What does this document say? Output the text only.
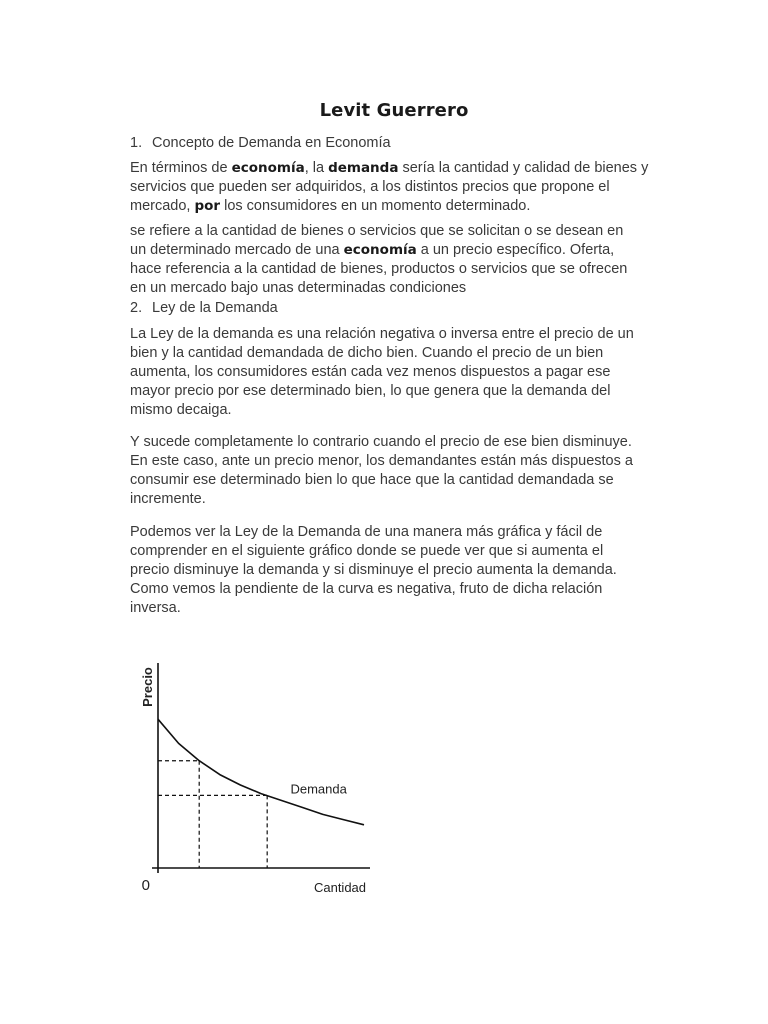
Levit Guerrero
1. Concepto de Demanda en Economía
En términos de economía, la demanda sería la cantidad y calidad de bienes y
servicios que pueden ser adquiridos, a los distintos precios que propone el
mercado, por los consumidores en un momento determinado.
se refiere a la cantidad de bienes o servicios que se solicitan o se desean en
un determinado mercado de una economía a un precio específico. Oferta,
hace referencia a la cantidad de bienes, productos o servicios que se ofrecen
en un mercado bajo unas determinadas condiciones
2. Ley de la Demanda
La Ley de la demanda es una relación negativa o inversa entre el precio de un
bien y la cantidad demandada de dicho bien. Cuando el precio de un bien
aumenta, los consumidores están cada vez menos dispuestos a pagar ese
mayor precio por ese determinado bien, lo que genera que la demanda del
mismo decaiga.
Y sucede completamente lo contrario cuando el precio de ese bien disminuye.
En este caso, ante un precio menor, los demandantes están más dispuestos a
consumir ese determinado bien lo que hace que la cantidad demandada se
incremente.
Podemos ver la Ley de la Demanda de una manera más gráfica y fácil de
comprender en el siguiente gráfico donde se puede ver que si aumenta el
precio disminuye la demanda y si disminuye el precio aumenta la demanda.
Como vemos la pendiente de la curva es negativa, fruto de dicha relación
inversa.
Precio
0	Cantidad
Demanda
